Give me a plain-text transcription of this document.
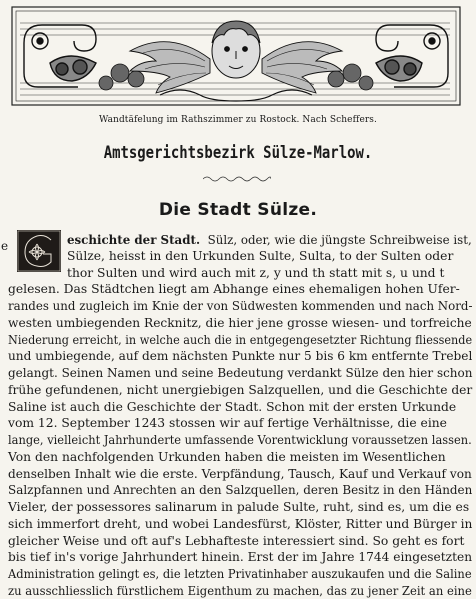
Wandtäfelung im Rathszimmer zu Rostock. Nach Scheffers.
Amtsgerichtsbezirk Sülze-Marlow.
Die Stadt Sülze.
e	eschichte der Stadt. Sülz, oder, wie die jüngste Schreibweise ist,
Sülze, heisst in den Urkunden Sulte, Sulta, to der Sulten oder
thor Sulten und wird auch mit z, y und th statt mit s, u und t
gelesen. Das Städtchen liegt am Abhange eines ehemaligen hohen Ufer-
randes und zugleich im Knie der von Südwesten kommenden und nach Nord-
westen umbiegenden Recknitz, die hier jene grosse wiesen- und torfreiche
Niederung erreicht, in welche auch die in entgegengesetzter Richtung fliessende
und umbiegende, auf dem nächsten Punkte nur 5 bis 6 km entfernte Trebel
gelangt. Seinen Namen und seine Bedeutung verdankt Sülze den hier schon
frühe gefundenen, nicht unergiebigen Salzquellen, und die Geschichte der
Saline ist auch die Geschichte der Stadt. Schon mit der ersten Urkunde
vom 12. September 1243 stossen wir auf fertige Verhältnisse, die eine
lange, vielleicht Jahrhunderte umfassende Vorentwicklung voraussetzen lassen.
Von den nachfolgenden Urkunden haben die meisten im Wesentlichen
denselben Inhalt wie die erste. Verpfändung, Tausch, Kauf und Verkauf von
Salzpfannen und Anrechten an den Salzquellen, deren Besitz in den Händen
Vieler, der possessores salinarum in palude Sulte, ruht, sind es, um die es
sich immerfort dreht, und wobei Landesfürst, Klöster, Ritter und Bürger in
gleicher Weise und oft auf's Lebhafteste interessiert sind. So geht es fort
bis tief in's vorige Jahrhundert hinein. Erst der im Jahre 1744 eingesetzten
Administration gelingt es, die letzten Privatinhaber auszukaufen und die Saline
zu ausschliesslich fürstlichem Eigenthum zu machen, das zu jener Zeit an eine
